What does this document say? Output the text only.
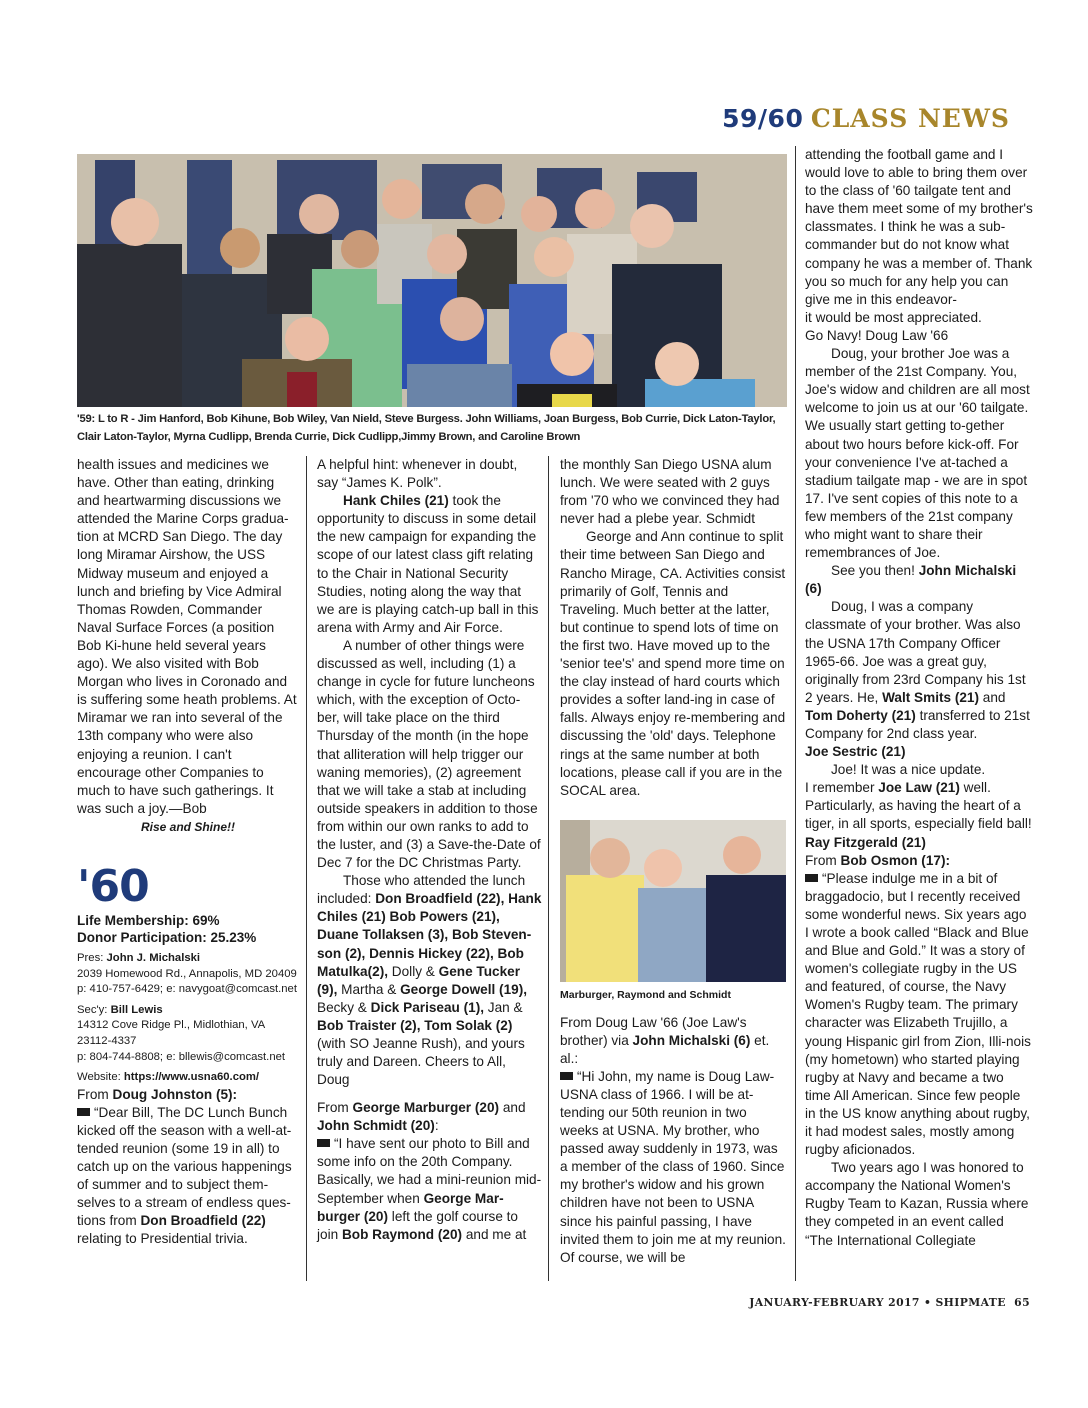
59/60 CLASS NEWS
'59: L to R - Jim Hanford, Bob Kihune, Bob Wiley, Van Nield, Steve Burgess. John Williams, Joan Burgess, Bob Currie, Dick Laton-Taylor, Clair Laton-Taylor, Myrna Cudlipp, Brenda Currie, Dick Cudlipp,Jimmy Brown, and Caroline Brown

health issues and medicines we have. Other than eating, drinking and heartwarming discussions we attended the Marine Corps gradua-tion at MCRD San Diego. The day long Miramar Airshow, the USS Midway museum and enjoyed a lunch and briefing by Vice Admiral Thomas Rowden, Commander Naval Surface Forces (a position Bob Ki-hune held several years ago). We also visited with Bob Morgan who lives in Coronado and is suffering some heath problems. At Miramar we ran into several of the 13th company who were also enjoying a reunion. I can't encourage other Companies to much to have such gatherings. It was such a joy.—Bob

Rise and Shine!!

'60
Life Membership: 69%
Donor Participation: 25.23%
Pres: John J. Michalski
2039 Homewood Rd., Annapolis, MD 20409
p: 410-757-6429; e: navygoat@comcast.net
Sec'y: Bill Lewis
14312 Cove Ridge Pl., Midlothian, VA 23112-4337
p: 804-744-8808; e: bllewis@comcast.net
Website: https://www.usna60.com/

From Doug Johnston (5):

“Dear Bill, The DC Lunch Bunch kicked off the season with a well-at-tended reunion (some 19 in all) to catch up on the various happenings of summer and to subject them-selves to a stream of endless ques-tions from Don Broadfield (22) relating to Presidential trivia.

A helpful hint: whenever in doubt, say “James K. Polk”.

Hank Chiles (21) took the opportunity to discuss in some detail the new campaign for expanding the scope of our latest class gift relating to the Chair in National Security Studies, noting along the way that we are is playing catch-up ball in this arena with Army and Air Force.

A number of other things were discussed as well, including (1) a change in cycle for future luncheons which, with the exception of Octo-ber, will take place on the third Thursday of the month (in the hope that alliteration will help trigger our waning memories), (2) agreement that we will take a stab at including outside speakers in addition to those from within our own ranks to add to the luster, and (3) a Save-the-Date of Dec 7 for the DC Christmas Party.

Those who attended the lunch included: Don Broadfield (22), Hank Chiles (21) Bob Powers (21), Duane Tollaksen (3), Bob Steven-son (2), Dennis Hickey (22), Bob Matulka(2), Dolly & Gene Tucker (9), Martha & George Dowell (19), Becky & Dick Pariseau (1), Jan & Bob Traister (2), Tom Solak (2) (with SO Jeanne Rush), and yours truly and Dareen. Cheers to All, Doug

From George Marburger (20) and John Schmidt (20):

“I have sent our photo to Bill and some info on the 20th Company. Basically, we had a mini-reunion mid-September when George Mar-burger (20) left the golf course to join Bob Raymond (20) and me at

the monthly San Diego USNA alum lunch. We were seated with 2 guys from '70 who we convinced they had never had a plebe year. Schmidt

George and Ann continue to split their time between San Diego and Rancho Mirage, CA. Activities consist primarily of Golf, Tennis and Traveling. Much better at the latter, but continue to spend lots of time on the first two. Have moved up to the 'senior tee's' and spend more time on the clay instead of hard courts which provides a softer land-ing in case of falls. Always enjoy re-membering and discussing the 'old' days. Telephone rings at the same number at both locations, please call if you are in the SOCAL area.

Marburger, Raymond and Schmidt

From Doug Law '66 (Joe Law's brother) via John Michalski (6) et. al.:

“Hi John, my name is Doug Law-USNA class of 1966. I will be at-tending our 50th reunion in two weeks at USNA. My brother, who passed away suddenly in 1973, was a member of the class of 1960. Since my brother's widow and his grown children have not been to USNA since his painful passing, I have invited them to join me at my reunion. Of course, we will be

attending the football game and I would love to able to bring them over to the class of '60 tailgate tent and have them meet some of my brother's classmates. I think he was a sub-commander but do not know what company he was a member of. Thank you so much for any help you can give me in this endeavor-

it would be most appreciated.

Go Navy! Doug Law '66

Doug, your brother Joe was a member of the 21st Company. You, Joe's widow and children are all most welcome to join us at our '60 tailgate. We usually start getting to-gether about two hours before kick-off. For your convenience I've at-tached a stadium tailgate map - we are in spot 17. I've sent copies of this note to a few members of the 21st company who might want to share their remembrances of Joe.

See you then! John Michalski (6)

Doug, I was a company classmate of your brother. Was also the USNA 17th Company Officer 1965-66. Joe was a great guy, originally from 23rd Company his 1st 2 years. He, Walt Smits (21) and Tom Doherty (21) transferred to 21st Company for 2nd class year.

Joe Sestric (21)

Joe! It was a nice update.

I remember Joe Law (21) well. Particularly, as having the heart of a tiger, in all sports, especially field ball! Ray Fitzgerald (21)

From Bob Osmon (17):

“Please indulge me in a bit of braggadocio, but I recently received some wonderful news. Six years ago I wrote a book called “Black and Blue and Blue and Gold.” It was a story of women's collegiate rugby in the US and featured, of course, the Navy Women's Rugby team. The primary character was Elizabeth Trujillo, a young Hispanic girl from Zion, Illi-nois (my hometown) who started playing rugby at Navy and became a two time All American. Since few people in the US know anything about rugby, it had modest sales, mostly among rugby aficionados.

Two years ago I was honored to accompany the National Women's Rugby Team to Kazan, Russia where they competed in an event called “The International Collegiate

JANUARY-FEBRUARY 2017 • SHIPMATE 65
